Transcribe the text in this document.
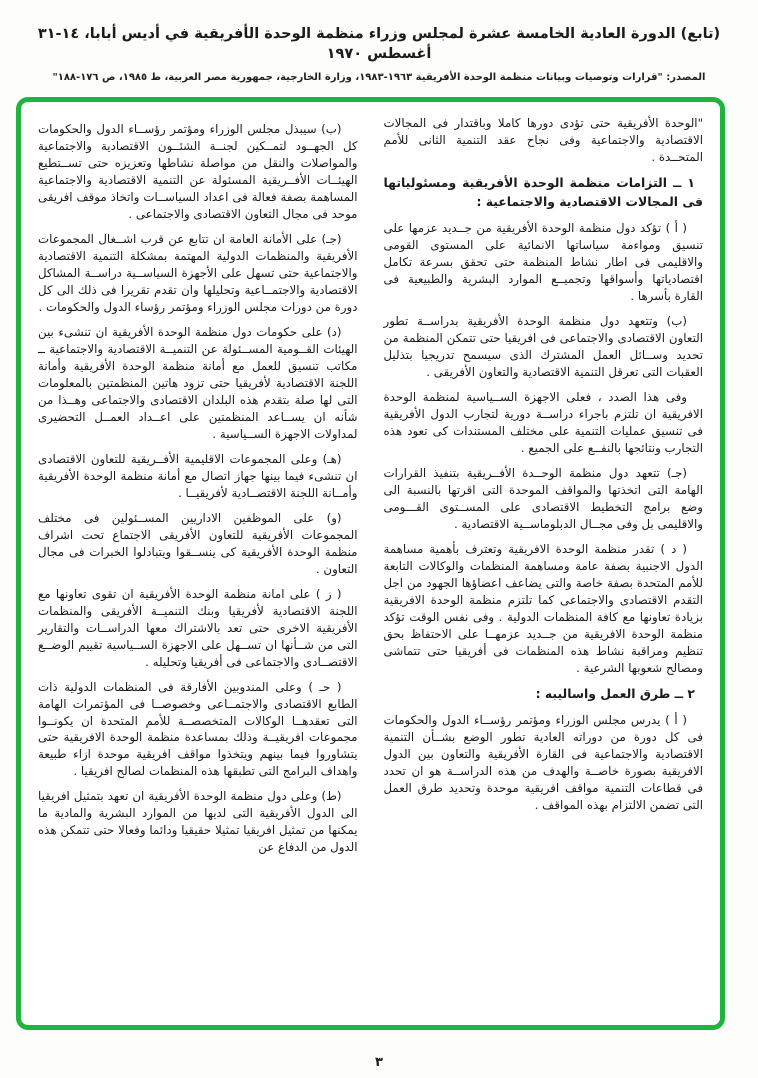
(تابع) الدورة العادية الخامسة عشرة لمجلس وزراء منظمة الوحدة الأفريقية في أديس أبابا، ١٤-٣١ أغسطس ١٩٧٠
المصدر: "قرارات وتوصيات وبيانات منظمة الوحدة الأفريقية ١٩٦٣-١٩٨٣، وزارة الخارجية، جمهورية مصر العربية، ط ١٩٨٥، ص ١٧٦-١٨٨"

"الوحدة الأفريقية حتى تؤدى دورها كاملا وباقتدار فى المجالات الاقتصادية والاجتماعية وفى نجاح عقد التنمية الثانى للأمم المتحــدة .

١ ــ التزامات منظمة الوحدة الأفريقية ومسئولياتها فى المجالات الاقتصادية والاجتماعية :

( أ ) تؤكد دول منظمة الوحدة الأفريقية من جــديد عزمها على تنسيق ومواءمة سياساتها الانمائية على المستوى القومى والاقليمى فى اطار نشاط المنظمة حتى تحقق بسرعة تكامل اقتصادياتها وأسواقها وتجميــع الموارد البشرية والطبيعية فى القارة بأسرها .

(ب) وتتعهد دول منظمة الوحدة الأفريقية بدراســة تطور التعاون الاقتصادى والاجتماعى فى افريقيا حتى تتمكن المنظمة من تحديد وســائل العمل المشترك الذى سيسمح تدريجيا بتذليل العقبات التى تعرقل التنمية الاقتصادية والتعاون الأفريقى .

وفى هذا الصدد ، فعلى الاجهزة الســياسية لمنظمة الوحدة الافريقية ان تلتزم باجراء دراســة دورية لتجارب الدول الأفريقية فى تنسيق عمليات التنمية على مختلف المستندات كى تعود هذه التجارب ونتائجها بالنفــع على الجميع .

(جـ) تتعهد دول منظمة الوحــدة الأفــريقية بتنفيذ القرارات الهامة التى اتخذتها والمواقف الموحدة التى اقرتها بالنسبة الى وضع برامج التخطيط الاقتصادى على المســتوى القـــومى والاقليمى بل وفى مجــال الدبلوماســية الاقتصادية .

( د ) تقدر منظمة الوحدة الافريقية وتعترف بأهمية مساهمة الدول الاجنبية بصفة عامة ومساهمة المنظمات والوكالات التابعة للأمم المتحدة بصفة خاصة والتى يضاعف اعضاؤها الجهود من اجل التقدم الاقتصادى والاجتماعى كما تلتزم منظمة الوحدة الافريقية بزيادة تعاونها مع كافة المنظمات الدولية . وفى نفس الوقت تؤكد منظمة الوحدة الافريقية من جــديد عزمهــا على الاحتفاظ بحق تنظيم ومراقبة نشاط هذه المنظمات فى أفريقيا حتى تتماشى ومصالح شعوبها الشرعية .

٢ ــ طرق العمل واساليبه :

( أ ) يدرس مجلس الوزراء ومؤتمر رؤســاء الدول والحكومات فى كل دورة من دوراته العادية تطور الوضع بشــأن التنمية الاقتصادية والاجتماعية فى القارة الأفريقية والتعاون بين الدول الافريقية بصورة خاصــة والهدف من هذه الدراســة هو ان تحدد فى قطاعات التنمية مواقف افريقية موحدة وتحديد طرق العمل التى تضمن الالتزام بهذه المواقف .

(ب) سيبذل مجلس الوزراء ومؤتمر رؤســاء الدول والحكومات كل الجهــود لتمــكين لجنــة الشئــون الاقتصادية والاجتماعية والمواصلات والنقل من مواصلة نشاطها وتعزيزه حتى تســتطيع الهيئــات الأفــريقية المسئولة عن التنمية الاقتصادية والاجتماعية المساهمة بصفة فعالة فى اعداد السياســات واتخاذ موقف افريقى موحد فى مجال التعاون الاقتصادى والاجتماعى .

(جـ) على الأمانة العامة ان تتابع عن قرب اشــغال المجموعات الأفريقية والمنظمات الدولية المهتمة بمشكلة التنمية الاقتصادية والاجتماعية حتى تسهل على الأجهزة السياســية دراســة المشاكل الاقتصادية والاجتمــاعية وتحليلها وان تقدم تقريرا فى ذلك الى كل دورة من دورات مجلس الوزراء ومؤتمر رؤساء الدول والحكومات .

(د) على حكومات دول منظمة الوحدة الأفريقية ان تنشىء بين الهيئات القــومية المســئولة عن التنميــة الاقتصادية والاجتماعية ــ مكاتب تنسيق للعمل مع أمانة منظمة الوحدة الأفريقية وأمانة اللجنة الاقتصادية لأفريقيا حتى تزود هاتين المنظمتين بالمعلومات التى لها صلة بتقدم هذه البلدان الاقتصادى والاجتماعى وهــذا من شأنه ان يســاعد المنظمتين على اعــداد العمــل التحضيرى لمداولات الاجهزة الســياسية .

(هـ) وعلى المجموعات الاقليمية الأفــريقية للتعاون الاقتصادى ان تنشىء فيما بينها جهاز اتصال مع أمانة منظمة الوحدة الأفريقية وأمــانة اللجنة الاقتصــادية لأفريقيــا .

(و) على الموظفين الاداريين المســئولين فى مختلف المجموعات الأفريقية للتعاون الأفريقى الاجتماع تحت اشراف منظمة الوحدة الأفريقية كى ينســقوا ويتبادلوا الخبرات فى مجال التعاون .

( ز ) على امانة منظمة الوحدة الأفريقية ان تقوى تعاونها مع اللجنة الاقتصادية لأفريقيا وبنك التنميــة الأفريقى والمنظمات الأفريقية الاخرى حتى تعد بالاشتراك معها الدراســات والتقارير التى من شــأنها ان تســهل على الاجهزة الســياسية تقييم الوضــع الاقتصــادى والاجتماعى فى أفريقيا وتحليله .

( حـ ) وعلى المندوبين الأفارقة فى المنظمات الدولية ذات الطابع الاقتصادى والاجتمــاعى وخصوصــا فى المؤتمرات الهامة التى تعقدهــا الوكالات المتخصصــة للأمم المتحدة ان يكونــوا مجموعات افريقيــة وذلك بمساعدة منظمة الوحدة الافريقية حتى يتشاوروا فيما بينهم ويتخذوا مواقف افريقية موحدة ازاء طبيعة واهداف البرامج التى تطبقها هذه المنظمات لصالح افريقيا .

(ط) وعلى دول منظمة الوحدة الأفريقية ان تعهد بتمثيل افريقيا الى الدول الأفريقية التى لديها من الموارد البشرية والمادية ما يمكنها من تمثيل افريقيا تمثيلا حقيقيا ودائما وفعالا حتى تتمكن هذه الدول من الدفاع عن

٣
